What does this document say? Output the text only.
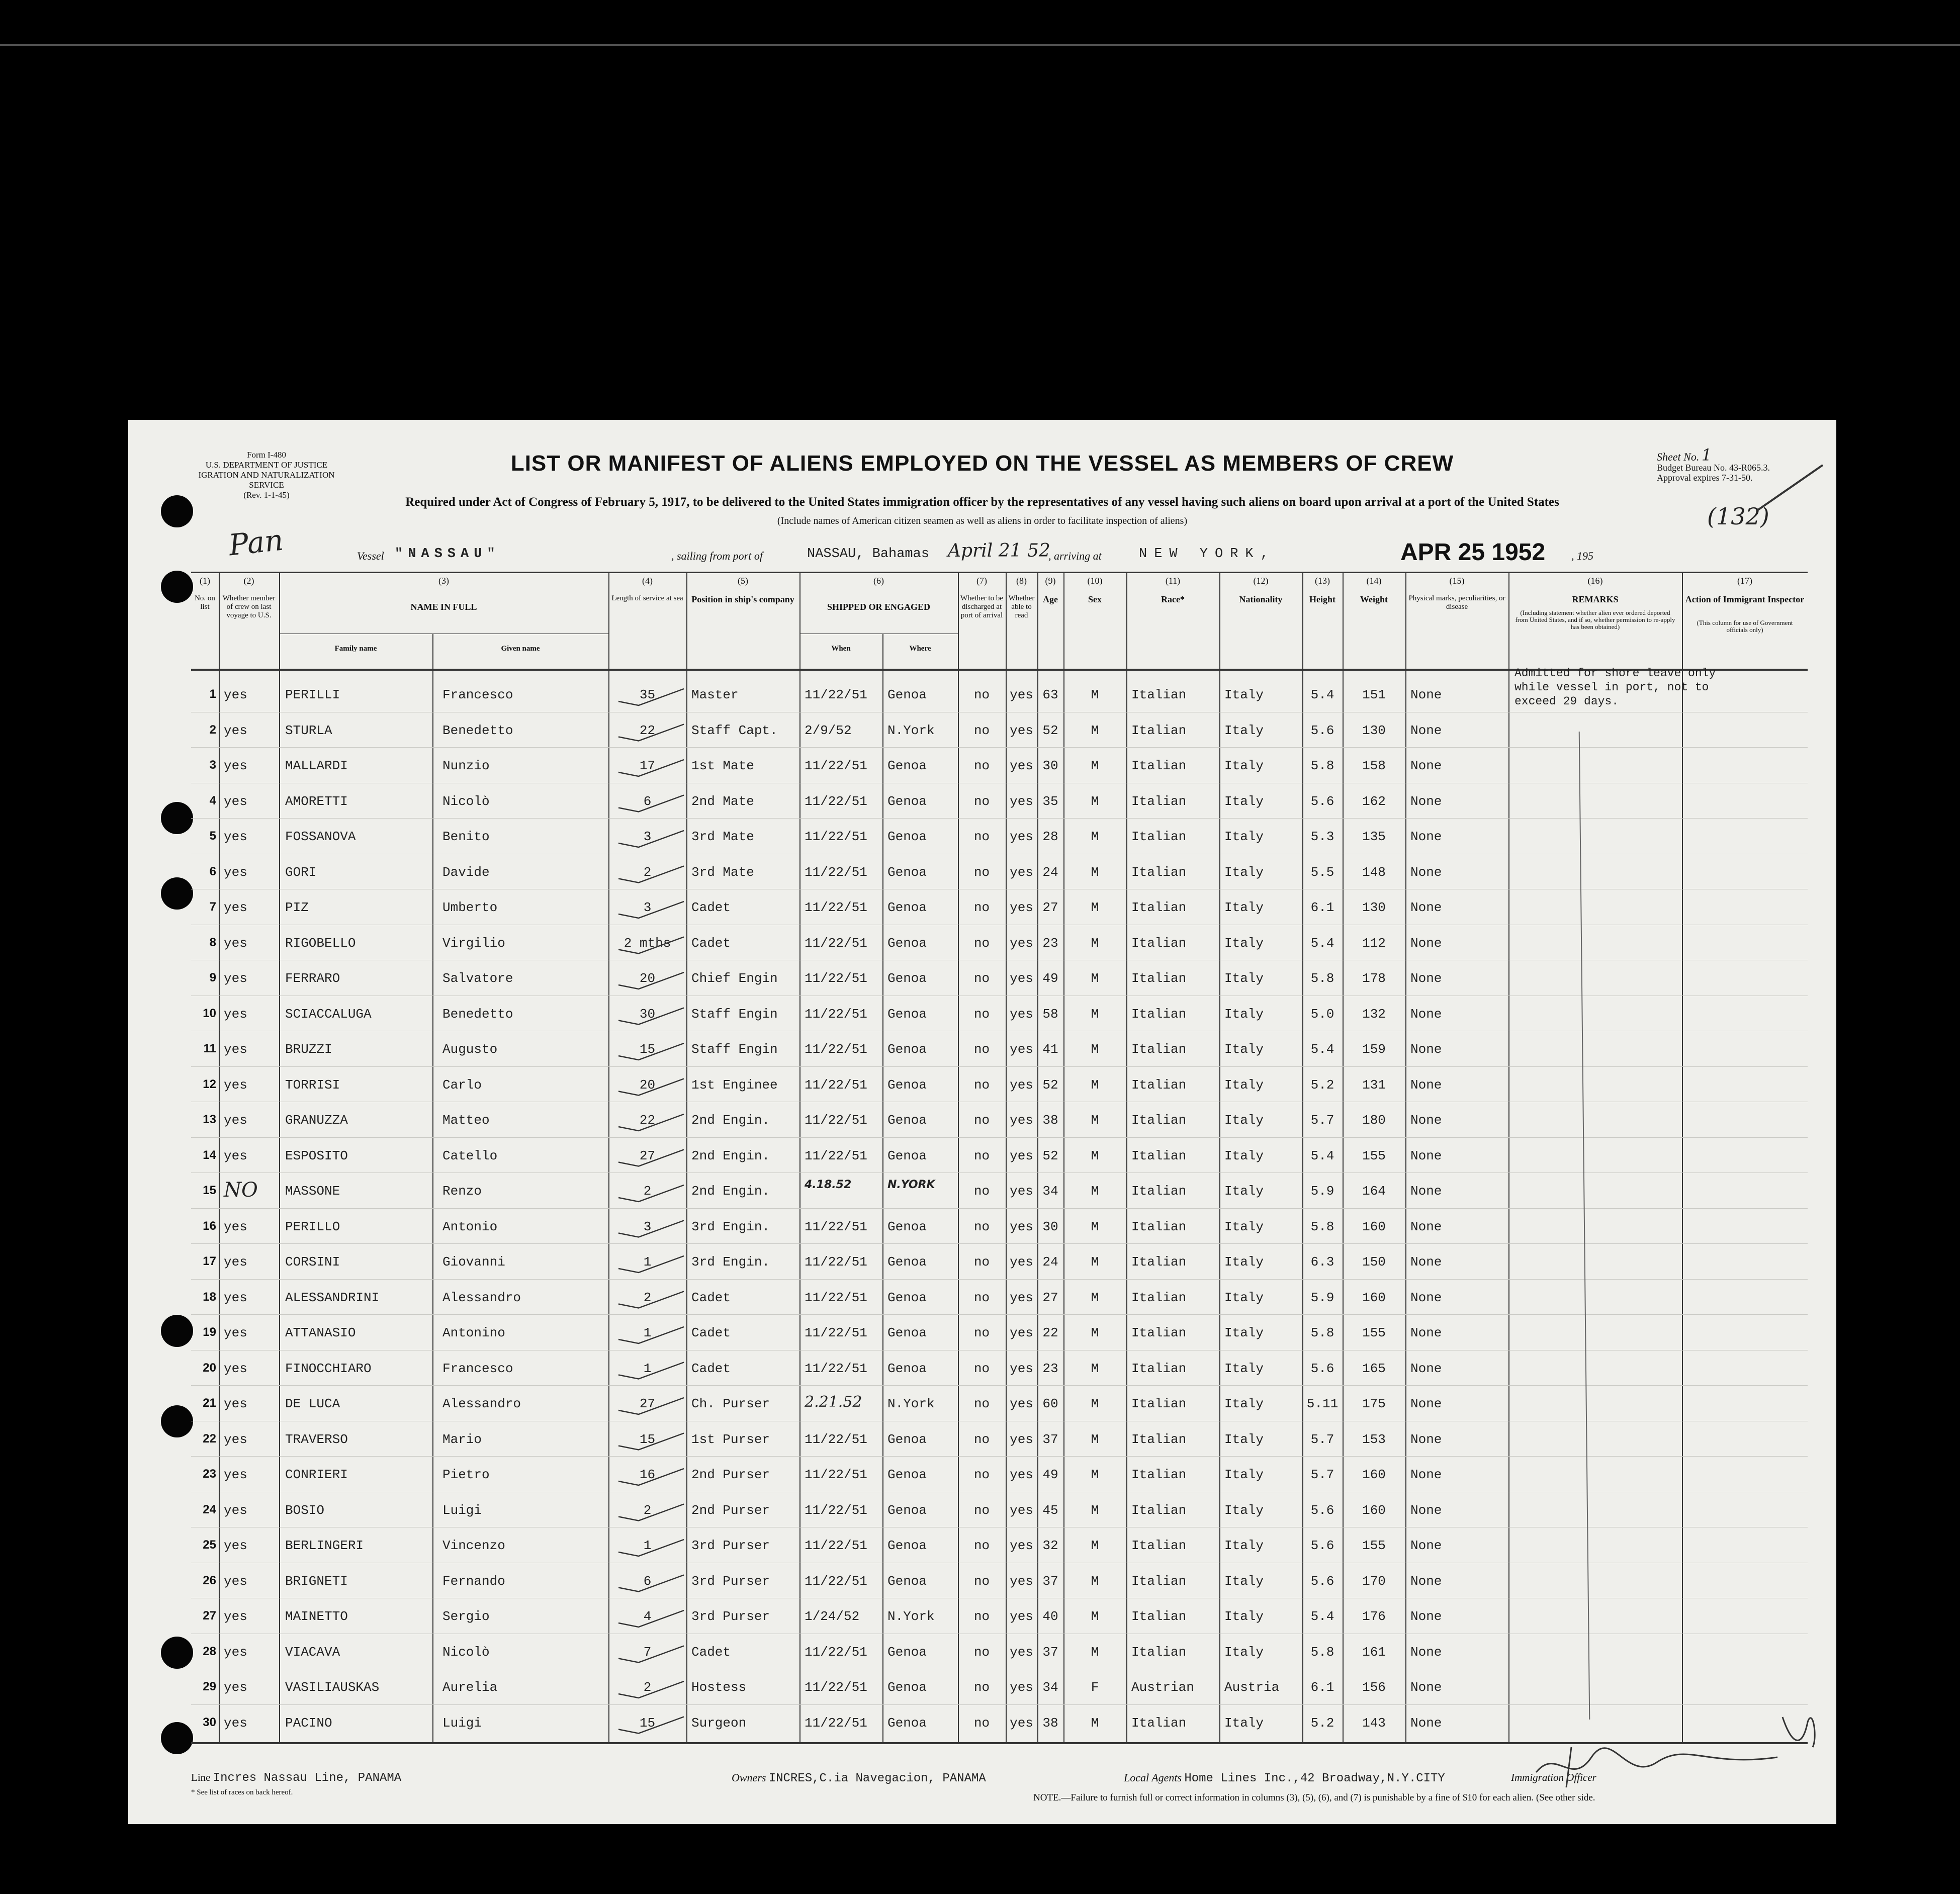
Form I-480
U.S. DEPARTMENT OF JUSTICE
IGRATION AND NATURALIZATION SERVICE
(Rev. 1-1-45)
LIST OR MANIFEST OF ALIENS EMPLOYED ON THE VESSEL AS MEMBERS OF CREW	Sheet No. 1
Budget Bureau No. 43-R065.3.
Approval expires 7-31-50.
(132)
Required under Act of Congress of February 5, 1917, to be delivered to the United States immigration officer by the representatives of any vessel having such aliens on board upon arrival at a port of the United States
(Include names of American citizen seamen as well as aliens in order to facilitate inspection of aliens)
Pan	Vessel "NASSAU"	, sailing from port of	NASSAU, Bahamas April 21 52
, arriving at	NEW YORK,	APR 25 1952 , 195
(1)
No. on list
(2)
Whether member of crew on last voyage to U.S.
(3)
NAME IN FULL
(4)
Length of service at sea
(5)
Position in ship's company
(6)
SHIPPED OR ENGAGED
(7)
Whether to be discharged at port of arrival
(8)
Whether able to read
(9)
Age
(10)
Sex
(11)
Race*
(12)
Nationality
(13)
Height
(14)
Weight
(15)
Physical marks, peculiarities, or disease
(16)
REMARKS
(17)
Action of Immigrant Inspector
Family name	Given name	When	Where
(Including statement whether alien ever ordered deported from United States, and if so, whether permission to re-apply has been obtained)
(This column for use of Government officials only)
1 yes	PERILLI	Francesco	35	Master	11/22/51 Genoa	no	yes 63	M	Italian	Italy	5.4	151	None
2 yes	STURLA	Benedetto	22	Staff Capt. 2/9/52	N.York	no	yes 52	M	Italian	Italy	5.6	130	None
3 yes	MALLARDI	Nunzio	17	1st Mate	11/22/51 Genoa	no	yes 30	M	Italian	Italy	5.8	158	None
4 yes	AMORETTI	Nicolò	6	2nd Mate	11/22/51 Genoa	no	yes 35	M	Italian	Italy	5.6	162	None
5 yes	FOSSANOVA	Benito	3	3rd Mate	11/22/51 Genoa	no	yes 28	M	Italian	Italy	5.3	135	None
6 yes	GORI	Davide	2	3rd Mate	11/22/51 Genoa	no	yes 24	M	Italian	Italy	5.5	148	None
7 yes	PIZ	Umberto	3	Cadet	11/22/51 Genoa	no	yes 27	M	Italian	Italy	6.1	130	None
8 yes	RIGOBELLO	Virgilio	2 mths	Cadet	11/22/51 Genoa	no	yes 23	M	Italian	Italy	5.4	112	None
9 yes	FERRARO	Salvatore	20	Chief Engin 11/22/51 Genoa	no	yes 49	M	Italian	Italy	5.8	178	None
10 yes	SCIACCALUGA	Benedetto	30	Staff Engin 11/22/51 Genoa	no	yes 58	M	Italian	Italy	5.0	132	None
11 yes	BRUZZI	Augusto	15	Staff Engin 11/22/51 Genoa	no	yes 41	M	Italian	Italy	5.4	159	None
12 yes	TORRISI	Carlo	20	1st Enginee 11/22/51 Genoa	no	yes 52	M	Italian	Italy	5.2	131	None
13 yes	GRANUZZA	Matteo	22	2nd Engin.	11/22/51 Genoa	no	yes 38	M	Italian	Italy	5.7	180	None
14 yes	ESPOSITO	Catello	27	2nd Engin.	11/22/51 Genoa	no	yes 52	M	Italian	Italy	5.4	155	None
15 NO MASSONE	Renzo	2	2nd Engin.	4.18.52	N.YORK	no	yes 34	M	Italian	Italy	5.9	164	None
16 yes	PERILLO	Antonio	3	3rd Engin.	11/22/51 Genoa	no	yes 30	M	Italian	Italy	5.8	160	None
17 yes	CORSINI	Giovanni	1	3rd Engin.	11/22/51 Genoa	no	yes 24	M	Italian	Italy	6.3	150	None
18 yes	ALESSANDRINI	Alessandro	2	Cadet	11/22/51 Genoa	no	yes 27	M	Italian	Italy	5.9	160	None
19 yes	ATTANASIO	Antonino	1	Cadet	11/22/51 Genoa	no	yes 22	M	Italian	Italy	5.8	155	None
20 yes	FINOCCHIARO	Francesco	1	Cadet	11/22/51 Genoa	no	yes 23	M	Italian	Italy	5.6	165	None
21 yes	DE LUCA	Alessandro	27	Ch. Purser 2.21.52 N.York	no	yes 60	M	Italian	Italy	5.11	175	None
22 yes	TRAVERSO	Mario	15	1st Purser	11/22/51 Genoa	no	yes 37	M	Italian	Italy	5.7	153	None
23 yes	CONRIERI	Pietro	16	2nd Purser	11/22/51 Genoa	no	yes 49	M	Italian	Italy	5.7	160	None
24 yes	BOSIO	Luigi	2	2nd Purser	11/22/51 Genoa	no	yes 45	M	Italian	Italy	5.6	160	None
25 yes	BERLINGERI	Vincenzo	1	3rd Purser	11/22/51 Genoa	no	yes 32	M	Italian	Italy	5.6	155	None
26 yes	BRIGNETI	Fernando	6	3rd Purser	11/22/51 Genoa	no	yes 37	M	Italian	Italy	5.6	170	None
27 yes	MAINETTO	Sergio	4	3rd Purser	1/24/52 N.York	no	yes 40	M	Italian	Italy	5.4	176	None
28 yes	VIACAVA	Nicolò	7	Cadet	11/22/51 Genoa	no	yes 37	M	Italian	Italy	5.8	161	None
29 yes	VASILIAUSKAS	Aurelia	2	Hostess	11/22/51 Genoa	no	yes 34	F	Austrian Austria	6.1	156	None
30 yes	PACINO	Luigi	15	Surgeon	11/22/51 Genoa	no	yes 38	M	Italian	Italy	5.2	143	None
Admitted for shore leave only while vessel in port, not to exceed 29 days.
Line Incres Nassau Line, PANAMA	Owners INCRES,C.ia Navegacion, PANAMA	Local Agents Home Lines Inc.,42 Broadway,N.Y.CITY	Immigration Officer
* See list of races on back hereof.	NOTE.—Failure to furnish full or correct information in columns (3), (5), (6), and (7) is punishable by a fine of $10 for each alien. (See other side.
